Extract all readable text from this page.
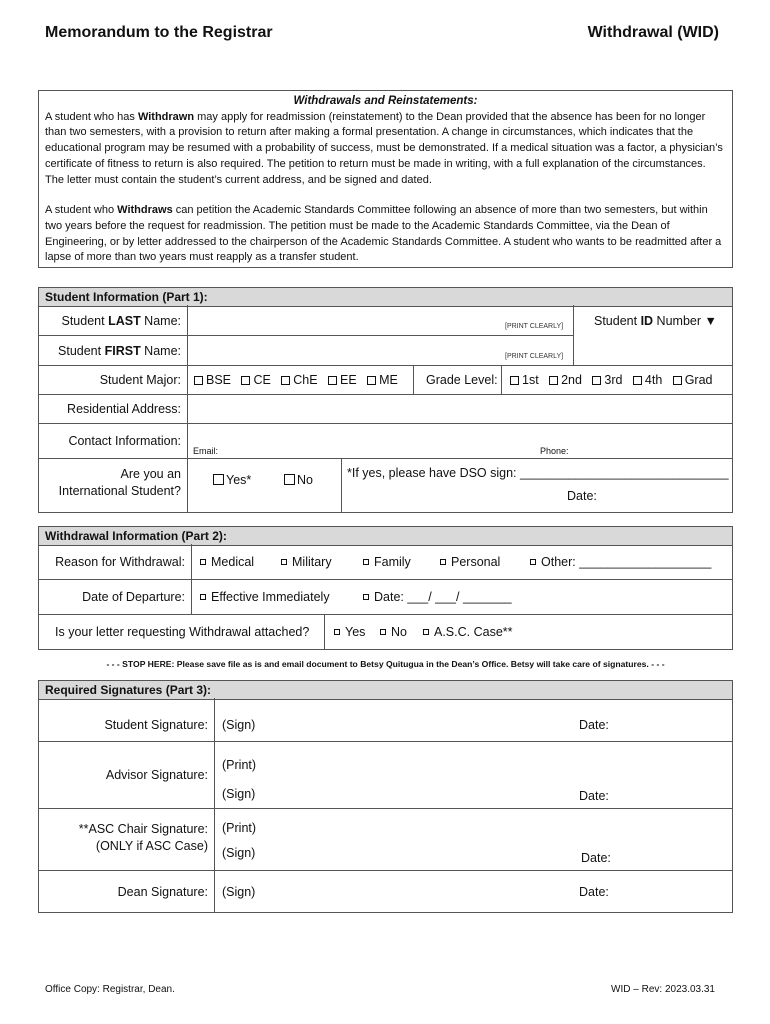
Memorandum to the Registrar	Withdrawal (WID)
Withdrawals and Reinstatements:
A student who has Withdrawn may apply for readmission (reinstatement) to the Dean provided that the absence has been for no longer than two semesters, with a provision to return after making a formal presentation. A change in circumstances, which indicates that the educational program may be resumed with a probability of success, must be demonstrated. If a medical situation was a factor, a physician’s certificate of fitness to return is also required. The petition to return must be made in writing, with a full explanation of the circumstances. The letter must contain the student’s current address, and be signed and dated.
A student who Withdraws can petition the Academic Standards Committee following an absence of more than two semesters, but within two years before the request for readmission. The petition must be made to the Academic Standards Committee, via the Dean of Engineering, or by letter addressed to the chairperson of the Academic Standards Committee. A student who wants to be readmitted after a lapse of more than two years must reapply as a transfer student.
Student Information (Part 1):
Student LAST Name:	[PRINT CLEARLY] Student ID Number ▼
Student FIRST Name:	[PRINT CLEARLY]
Student Major:	BSE CE ChE EE ME Grade Level:	1st 2nd 3rd 4th Grad
Residential Address:
Contact Information:
Email:	Phone:
Are you an
International Student?
Yes*	No	*If yes, please have DSO sign: ______________________________
Date:
Withdrawal Information (Part 2):
Reason for Withdrawal:	Medical	Military	Family	Personal	Other: ___________________
Date of Departure:	Effective Immediately	Date: ___/ ___/ _______
Is your letter requesting Withdrawal attached?	Yes	No	A.S.C. Case**
- - - STOP HERE: Please save file as is and email document to Betsy Quitugua in the Dean’s Office. Betsy will take care of signatures. - - -
Required Signatures (Part 3):
Student Signature: (Sign)	Date:
Advisor Signature:
(Print)
(Sign)	Date:
**ASC Chair Signature:
(ONLY if ASC Case)
(Print)
(Sign)	Date:
Dean Signature: (Sign)	Date:
Office Copy: Registrar, Dean.	WID – Rev: 2023.03.31
